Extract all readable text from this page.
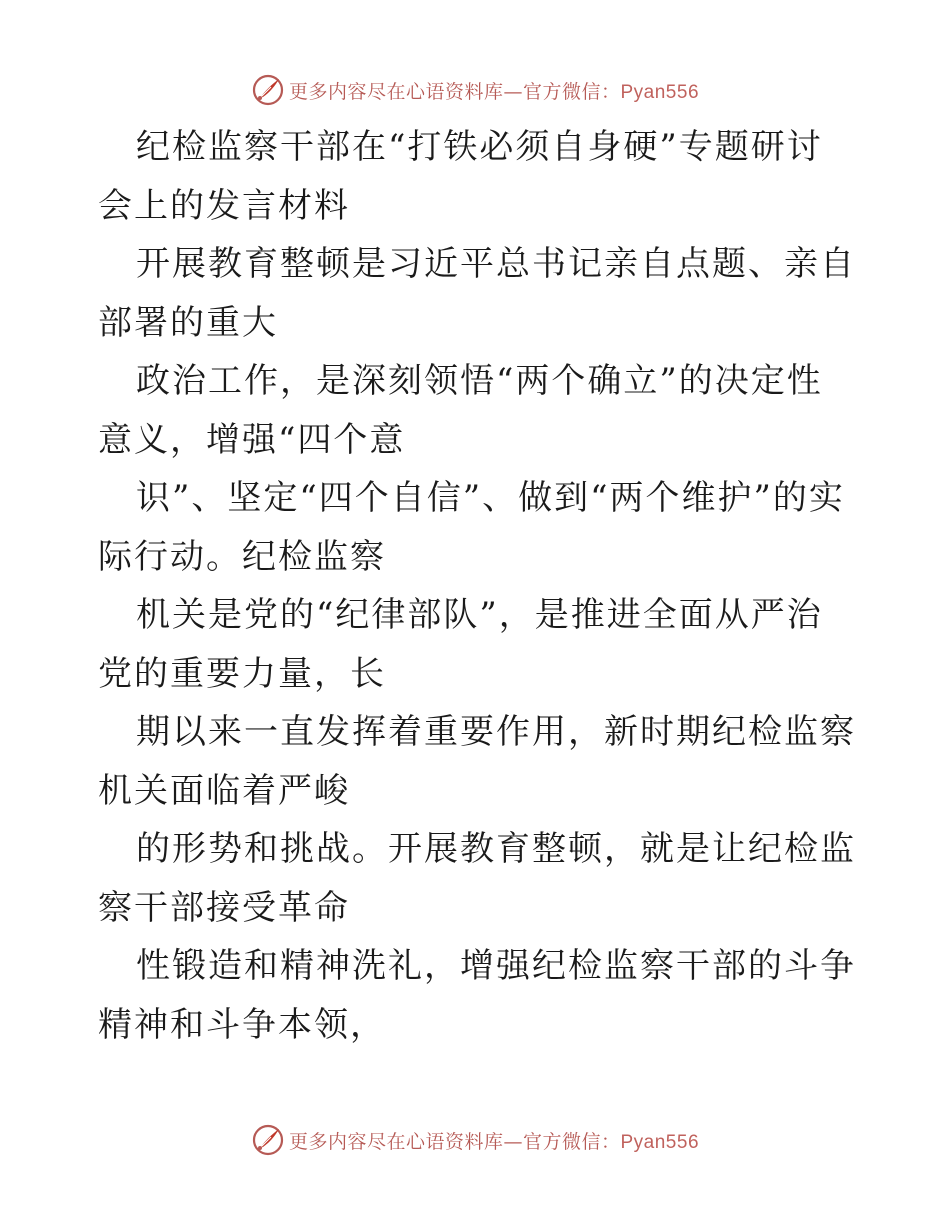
更多内容尽在心语资料库—官方微信：Pyan556

纪检监察干部在“打铁必须自身硬”专题研讨会上的发言材料

开展教育整顿是习近平总书记亲自点题、亲自部署的重大

政治工作，是深刻领悟“两个确立”的决定性意义，增强“四个意

识”、坚定“四个自信”、做到“两个维护”的实际行动。纪检监察

机关是党的“纪律部队”，是推进全面从严治党的重要力量，长

期以来一直发挥着重要作用，新时期纪检监察机关面临着严峻

的形势和挑战。开展教育整顿，就是让纪检监察干部接受革命

性锻造和精神洗礼，增强纪检监察干部的斗争精神和斗争本领，

更多内容尽在心语资料库—官方微信：Pyan556
